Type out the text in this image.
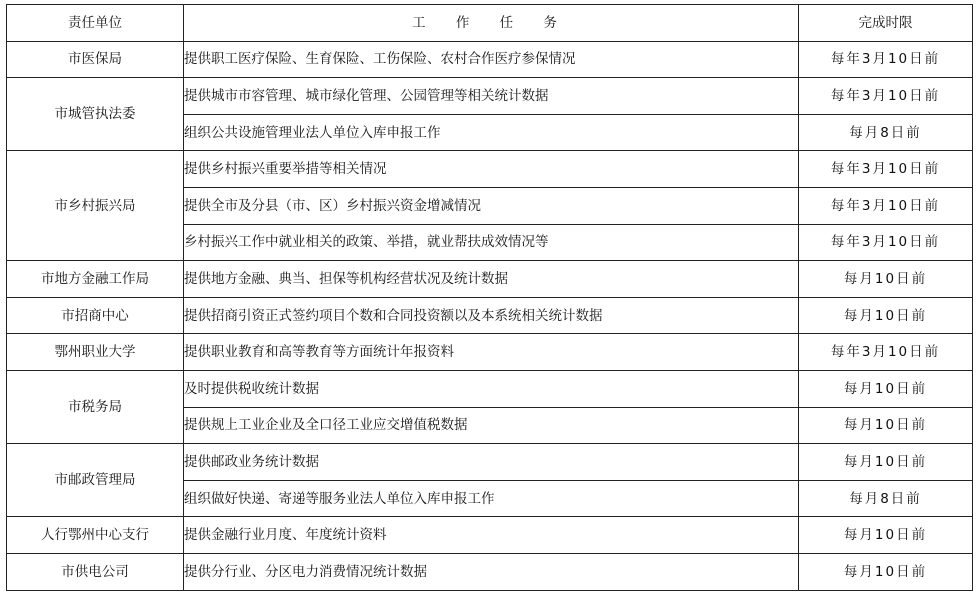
责任单位	工 作 任 务	完成时限
市医保局	提供职工医疗保险、生育保险、工伤保险、农村合作医疗参保情况	每年3月10日前
市城管执法委	提供城市市容管理、城市绿化管理、公园管理等相关统计数据	每年3月10日前
	组织公共设施管理业法人单位入库申报工作	每月8日前
市乡村振兴局	提供乡村振兴重要举措等相关情况	每年3月10日前
	提供全市及分县（市、区）乡村振兴资金增减情况	每年3月10日前
	乡村振兴工作中就业相关的政策、举措，就业帮扶成效情况等	每年3月10日前
市地方金融工作局	提供地方金融、典当、担保等机构经营状况及统计数据	每月10日前
市招商中心	提供招商引资正式签约项目个数和合同投资额以及本系统相关统计数据	每月10日前
鄂州职业大学	提供职业教育和高等教育等方面统计年报资料	每年3月10日前
市税务局	及时提供税收统计数据	每月10日前
	提供规上工业企业及全口径工业应交增值税数据	每月10日前
市邮政管理局	提供邮政业务统计数据	每月10日前
	组织做好快递、寄递等服务业法人单位入库申报工作	每月8日前
人行鄂州中心支行	提供金融行业月度、年度统计资料	每月10日前
市供电公司	提供分行业、分区电力消费情况统计数据	每月10日前
